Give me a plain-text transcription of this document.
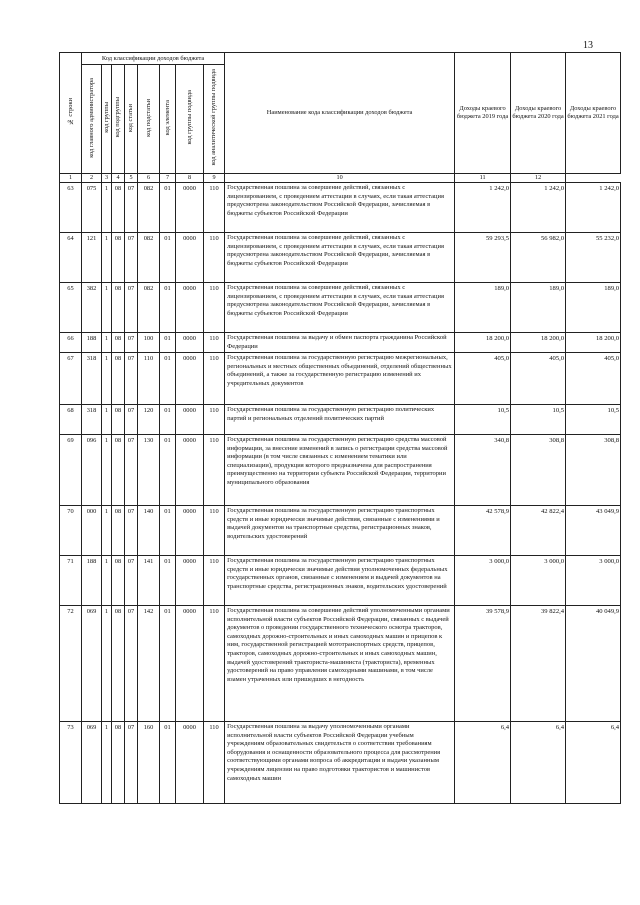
13
№ строки	Код классификации доходов бюджета								Наименование кода классификации доходов бюджета	Доходы краевого бюджета 2019 года	Доходы краевого бюджета 2020 года	Доходы краевого бюджета 2021 года
	код главного администратора	код группы	код подгруппы	код статьи	код подстатьи	код элемента	код группы подвида	код аналитической группы подвида				
1	2	3	4	5	6	7	8	9	10	11	12	
63	075	1	08	07	082	01	0000	110	Государственная пошлина за совершение действий, связанных с лицензированием, с проведением аттестации в случаях, если такая аттестация предусмотрена законодательством Российской Федерации, зачисляемая в бюджеты субъектов Российской Федерации	1 242,0	1 242,0	1 242,0
64	121	1	08	07	082	01	0000	110	Государственная пошлина за совершение действий, связанных с лицензированием, с проведением аттестации в случаях, если такая аттестация предусмотрена законодательством Российской Федерации, зачисляемая в бюджеты субъектов Российской Федерации	59 293,5	56 982,0	55 232,0
65	382	1	08	07	082	01	0000	110	Государственная пошлина за совершение действий, связанных с лицензированием, с проведением аттестации в случаях, если такая аттестация предусмотрена законодательством Российской Федерации, зачисляемая в бюджеты субъектов Российской Федерации	189,0	189,0	189,0
66	188	1	08	07	100	01	0000	110	Государственная пошлина за выдачу и обмен паспорта гражданина Российской Федерации	18 200,0	18 200,0	18 200,0
67	318	1	08	07	110	01	0000	110	Государственная пошлина за государственную регистрацию межрегиональных, региональных и местных общественных объединений, отделений общественных объединений, а также за государственную регистрацию изменений их учредительных документов	405,0	405,0	405,0
68	318	1	08	07	120	01	0000	110	Государственная пошлина за государственную регистрацию политических партий и региональных отделений политических партий	10,5	10,5	10,5
69	096	1	08	07	130	01	0000	110	Государственная пошлина за государственную регистрацию средства массовой информации, за внесение изменений в запись о регистрации средства массовой информации (в том числе связанных с изменением тематики или специализации), продукция которого предназначена для распространения преимущественно на территории субъекта Российской Федерации, территории муниципального образования	340,8	308,8	308,8
70	000	1	08	07	140	01	0000	110	Государственная пошлина за государственную регистрацию транспортных средств и иные юридически значимые действия, связанные с изменениями и выдачей документов на транспортные средства, регистрационных знаков, водительских удостоверений	42 578,9	42 822,4	43 049,9
71	188	1	08	07	141	01	0000	110	Государственная пошлина за государственную регистрацию транспортных средств и иные юридически значимые действия уполномоченных федеральных государственных органов, связанные с изменением и выдачей документов на транспортные средства, регистрационных знаков, водительских удостоверений	3 000,0	3 000,0	3 000,0
72	069	1	08	07	142	01	0000	110	Государственная пошлина за совершение действий уполномоченными органами исполнительной власти субъектов Российской Федерации, связанных с выдачей документов о проведении государственного технического осмотра тракторов, самоходных дорожно-строительных и иных самоходных машин и прицепов к ним, государственной регистрацией мототранспортных средств, прицепов, тракторов, самоходных дорожно-строительных и иных самоходных машин, выдачей удостоверений тракториста-машиниста (тракториста), временных удостоверений на право управления самоходными машинами, в том числе взамен утраченных или пришедших в негодность	39 578,9	39 822,4	40 049,9
73	069	1	08	07	160	01	0000	110	Государственная пошлина за выдачу уполномоченными органами исполнительной власти субъектов Российской Федерации учебным учреждениям образовательных свидетельств о соответствии требованиям оборудования и оснащенности образовательного процесса для рассмотрения соответствующими органами вопроса об аккредитации и выдачи указанным учреждениям лицензии на право подготовки трактористов и машинистов самоходных машин	6,4	6,4	6,4
